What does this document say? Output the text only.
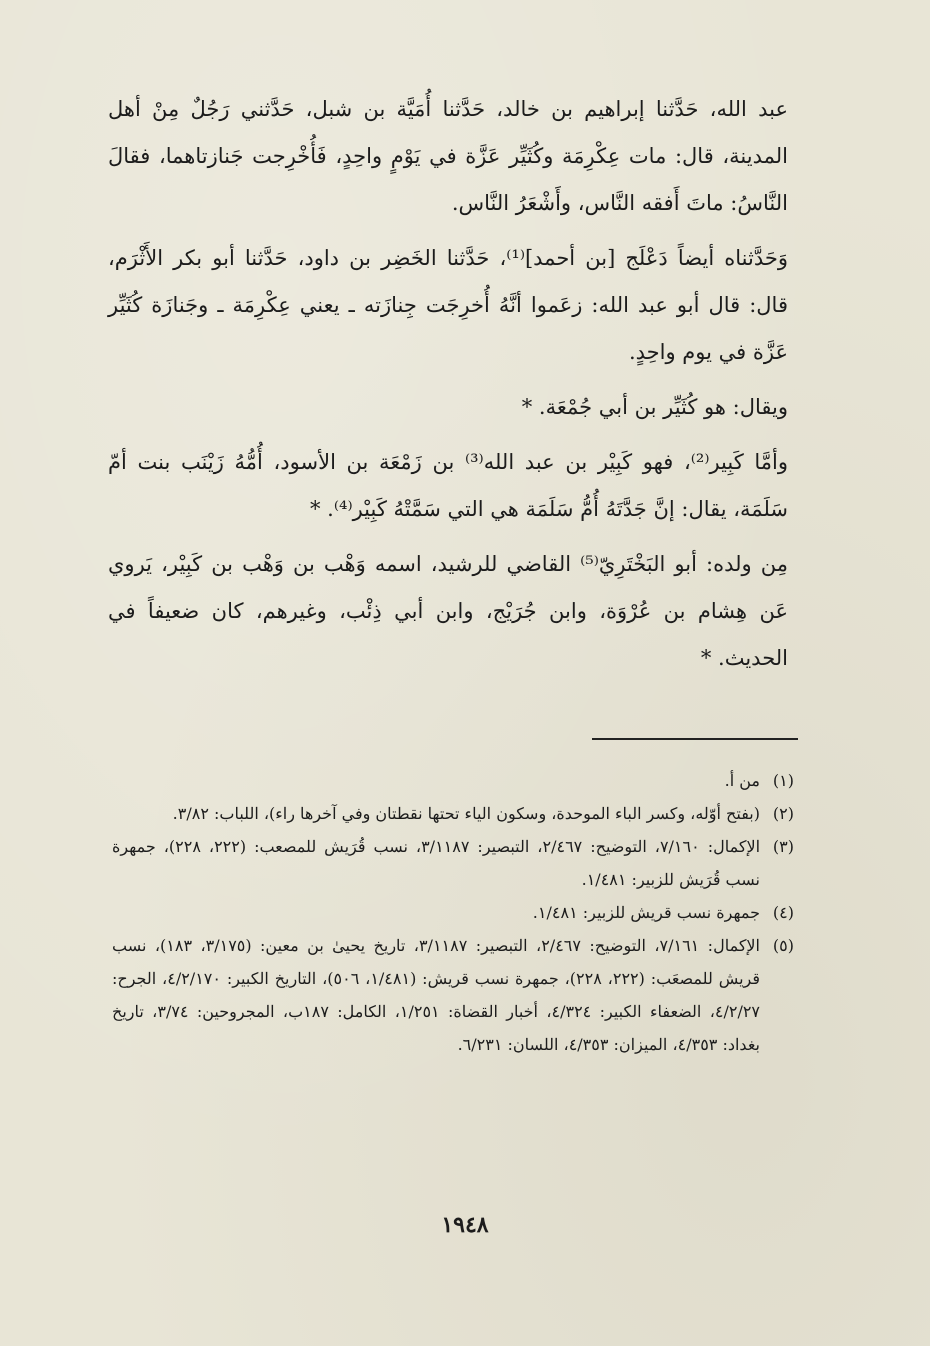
عبد الله، حَدَّثنا إبراهيم بن خالد، حَدَّثنا أُمَيَّة بن شبل، حَدَّثني رَجُلٌ مِنْ أهل المدينة، قال: مات عِكْرِمَة وكُثَيِّر عَزَّة في يَوْمٍ واحِدٍ، فَأُخْرِجت جَنازتاهما، فقالَ النَّاسُ: ماتَ أَفقه النَّاس، وأَشْعَرُ النَّاس.

وَحَدَّثناه أيضاً دَعْلَج [بن أحمد]⁽¹⁾، حَدَّثنا الخَضِر بن داود، حَدَّثنا أبو بكر الأَثْرَم، قال: قال أبو عبد الله: زعَموا أنَّهُ أُخرِجَت جِنازَته ـ يعني عِكْرِمَة ـ وجَنازَة كُثَيِّر عَزَّة في يوم واحِدٍ.

ويقال: هو كُثَيِّر بن أبي جُمْعَة. *

وأمَّا كَبِير⁽²⁾، فهو كَبِيْر بن عبد الله⁽³⁾ بن زَمْعَة بن الأسود، أُمُّهُ زَيْنَب بنت أمّ سَلَمَة، يقال: إنَّ جَدَّتَهُ أُمُّ سَلَمَة هي التي سَمَّتْهُ كَبِيْر⁽⁴⁾. *

مِن ولده: أبو البَخْتَرِيّ⁽⁵⁾ القاضي للرشيد، اسمه وَهْب بن وَهْب بن كَبِيْر، يَروي عَن هِشام بن عُرْوَة، وابن جُرَيْج، وابن أبي ذِئْب، وغيرهم، كان ضعيفاً في الحديث. *

(١)
من أ.

(٢)
(بفتح أوّله، وكسر الباء الموحدة، وسكون الياء تحتها نقطتان وفي آخرها راء)، اللباب: ٣/٨٢.

(٣)
الإكمال: ٧/١٦٠، التوضيح: ٢/٤٦٧، التبصير: ٣/١١٨٧، نسب قُرَيش للمصعب: (٢٢٢، ٢٢٨)، جمهرة نسب قُرَيش للزبير: ١/٤٨١.

(٤)
جمهرة نسب قريش للزبير: ١/٤٨١.

(٥)
الإكمال: ٧/١٦١، التوضيح: ٢/٤٦٧، التبصير: ٣/١١٨٧، تاريخ يحيىٰ بن معين: (٣/١٧٥، ١٨٣)، نسب قريش للمصعَب: (٢٢٢، ٢٢٨)، جمهرة نسب قريش: (١/٤٨١، ٥٠٦)، التاريخ الكبير: ٤/٢/١٧٠، الجرح: ٤/٢/٢٧، الضعفاء الكبير: ٤/٣٢٤، أخبار القضاة: ١/٢٥١، الكامل: ١٨٧ب، المجروحين: ٣/٧٤، تاريخ بغداد: ٤/٣٥٣، الميزان: ٤/٣٥٣، اللسان: ٦/٢٣١.

١٩٤٨
